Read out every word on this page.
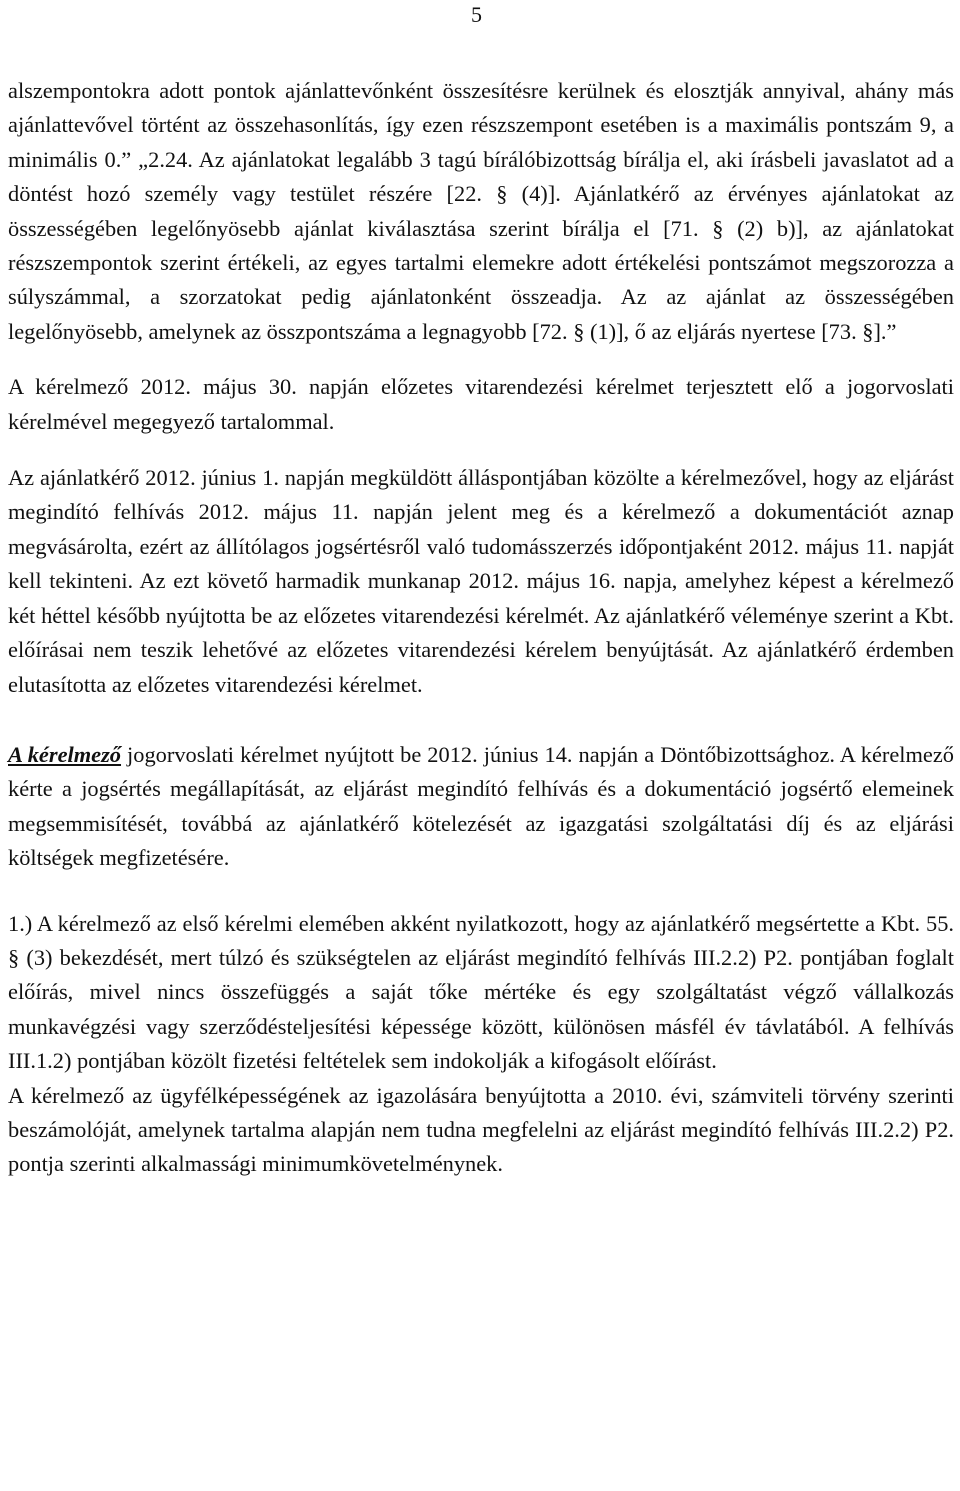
5

alszempontokra adott pontok ajánlattevőnként összesítésre kerülnek és elosztják annyival, ahány más ajánlattevővel történt az összehasonlítás, így ezen részszempont esetében is a maximális pontszám 9, a minimális 0.” „2.24. Az ajánlatokat legalább 3 tagú bírálóbizottság bírálja el, aki írásbeli javaslatot ad a döntést hozó személy vagy testület részére [22. § (4)]. Ajánlatkérő az érvényes ajánlatokat az összességében legelőnyösebb ajánlat kiválasztása szerint bírálja el [71. § (2) b)], az ajánlatokat részszempontok szerint értékeli, az egyes tartalmi elemekre adott értékelési pontszámot megszorozza a súlyszámmal, a szorzatokat pedig ajánlatonként összeadja. Az az ajánlat az összességében legelőnyösebb, amelynek az összpontszáma a legnagyobb [72. § (1)], ő az eljárás nyertese [73. §].”

A kérelmező 2012. május 30. napján előzetes vitarendezési kérelmet terjesztett elő a jogorvoslati kérelmével megegyező tartalommal.

Az ajánlatkérő 2012. június 1. napján megküldött álláspontjában közölte a kérelmezővel, hogy az eljárást megindító felhívás 2012. május 11. napján jelent meg és a kérelmező a dokumentációt aznap megvásárolta, ezért az állítólagos jogsértésről való tudomásszerzés időpontjaként 2012. május 11. napját kell tekinteni. Az ezt követő harmadik munkanap 2012. május 16. napja, amelyhez képest a kérelmező két héttel később nyújtotta be az előzetes vitarendezési kérelmét. Az ajánlatkérő véleménye szerint a Kbt. előírásai nem teszik lehetővé az előzetes vitarendezési kérelem benyújtását. Az ajánlatkérő érdemben elutasította az előzetes vitarendezési kérelmet.

A kérelmező jogorvoslati kérelmet nyújtott be 2012. június 14. napján a Döntőbizottsághoz. A kérelmező kérte a jogsértés megállapítását, az eljárást megindító felhívás és a dokumentáció jogsértő elemeinek megsemmisítését, továbbá az ajánlatkérő kötelezését az igazgatási szolgáltatási díj és az eljárási költségek megfizetésére.

1.) A kérelmező az első kérelmi elemében akként nyilatkozott, hogy az ajánlatkérő megsértette a Kbt. 55. § (3) bekezdését, mert túlzó és szükségtelen az eljárást megindító felhívás III.2.2) P2. pontjában foglalt előírás, mivel nincs összefüggés a saját tőke mértéke és egy szolgáltatást végző vállalkozás munkavégzési vagy szerződésteljesítési képessége között, különösen másfél év távlatából. A felhívás III.1.2) pontjában közölt fizetési feltételek sem indokolják a kifogásolt előírást.

A kérelmező az ügyfélképességének az igazolására benyújtotta a 2010. évi, számviteli törvény szerinti beszámolóját, amelynek tartalma alapján nem tudna megfelelni az eljárást megindító felhívás III.2.2) P2. pontja szerinti alkalmassági minimumkövetelménynek.
